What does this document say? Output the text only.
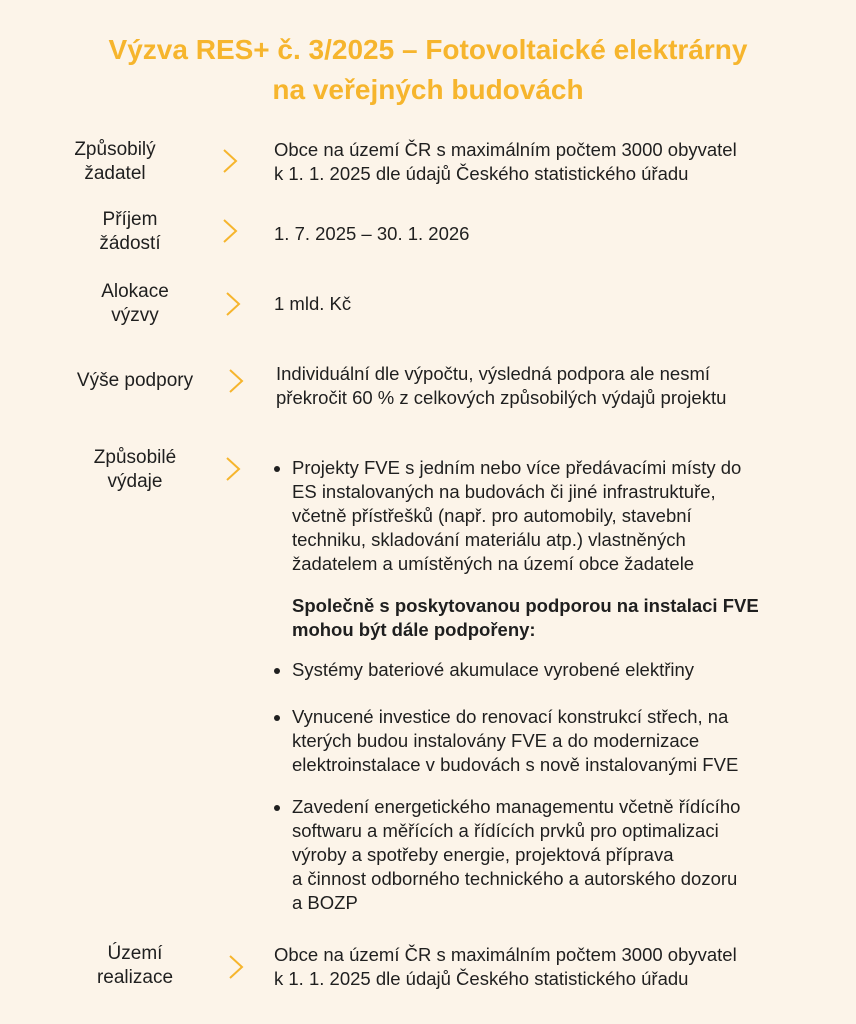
Výzva RES+ č. 3/2025 – Fotovoltaické elektrárny
na veřejných budovách
Způsobilý
žadatel
Obce na území ČR s maximálním počtem 3000 obyvatel
k 1. 1. 2025 dle údajů Českého statistického úřadu
Příjem
žádostí	1. 7. 2025 – 30. 1. 2026
Alokace
výzvy
1 mld. Kč
Výše podpory	Individuální dle výpočtu, výsledná podpora ale nesmí
překročit 60 % z celkových způsobilých výdajů projektu
Způsobilé
výdaje
Projekty FVE s jedním nebo více předávacími místy do
ES instalovaných na budovách či jiné infrastruktuře,
včetně přístřešků (např. pro automobily, stavební
techniku, skladování materiálu atp.) vlastněných
žadatelem a umístěných na území obce žadatele
Společně s poskytovanou podporou na instalaci FVE
mohou být dále podpořeny:
Systémy bateriové akumulace vyrobené elektřiny
Vynucené investice do renovací konstrukcí střech, na
kterých budou instalovány FVE a do modernizace
elektroinstalace v budovách s nově instalovanými FVE
Zavedení energetického managementu včetně řídícího
softwaru a měřících a řídících prvků pro optimalizaci
výroby a spotřeby energie, projektová příprava
a činnost odborného technického a autorského dozoru
a BOZP
Území
realizace
Obce na území ČR s maximálním počtem 3000 obyvatel
k 1. 1. 2025 dle údajů Českého statistického úřadu
